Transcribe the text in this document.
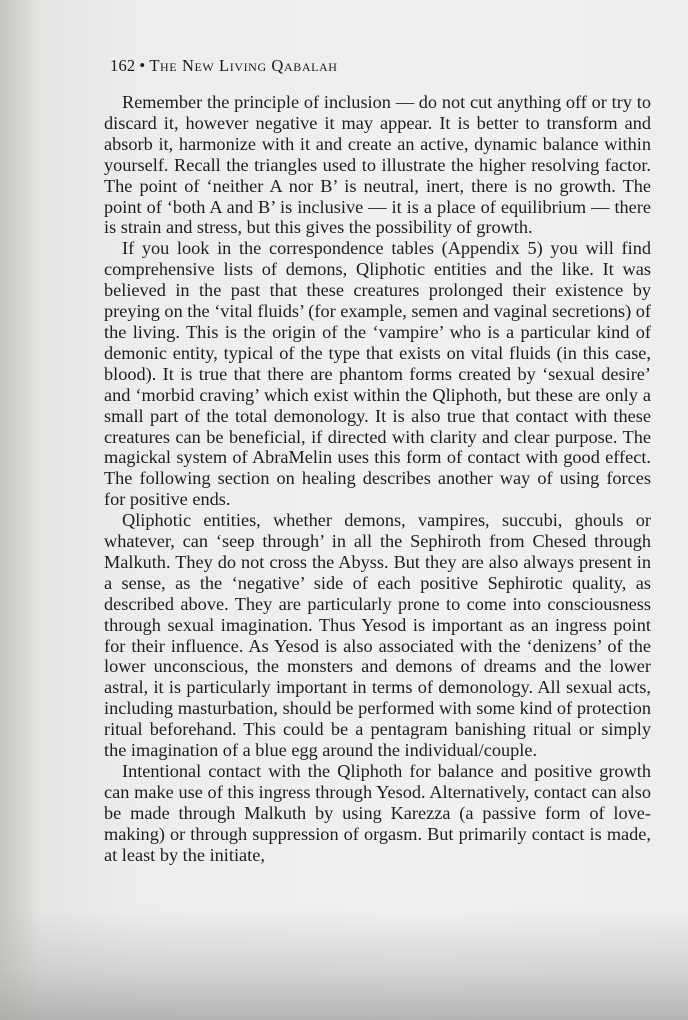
162 • The New Living Qabalah

Remember the principle of inclusion — do not cut anything off or try to discard it, however negative it may appear. It is better to transform and absorb it, harmonize with it and create an active, dynamic balance within yourself. Recall the triangles used to illustrate the higher resolving factor. The point of ‘neither A nor B’ is neutral, inert, there is no growth. The point of ‘both A and B’ is inclusive — it is a place of equilibrium — there is strain and stress, but this gives the possibility of growth.

If you look in the correspondence tables (Appendix 5) you will find comprehensive lists of demons, Qliphotic entities and the like. It was believed in the past that these creatures prolonged their existence by preying on the ‘vital fluids’ (for example, semen and vaginal secretions) of the living. This is the origin of the ‘vampire’ who is a particular kind of demonic entity, typical of the type that exists on vital fluids (in this case, blood). It is true that there are phantom forms created by ‘sexual desire’ and ‘morbid craving’ which exist within the Qliphoth, but these are only a small part of the total demonology. It is also true that contact with these creatures can be beneficial, if directed with clarity and clear purpose. The magickal system of AbraMelin uses this form of contact with good effect. The following section on healing describes another way of using forces for positive ends.

Qliphotic entities, whether demons, vampires, succubi, ghouls or whatever, can ‘seep through’ in all the Sephiroth from Chesed through Malkuth. They do not cross the Abyss. But they are also always present in a sense, as the ‘negative’ side of each positive Sephirotic quality, as described above. They are particularly prone to come into consciousness through sexual imagination. Thus Yesod is important as an ingress point for their influence. As Yesod is also associated with the ‘denizens’ of the lower unconscious, the monsters and demons of dreams and the lower astral, it is particularly important in terms of demonology. All sexual acts, including masturbation, should be performed with some kind of protection ritual beforehand. This could be a pentagram banishing ritual or simply the imagination of a blue egg around the individual/couple.

Intentional contact with the Qliphoth for balance and positive growth can make use of this ingress through Yesod. Alternatively, contact can also be made through Malkuth by using Karezza (a passive form of love-making) or through suppression of orgasm. But primarily contact is made, at least by the initiate,
